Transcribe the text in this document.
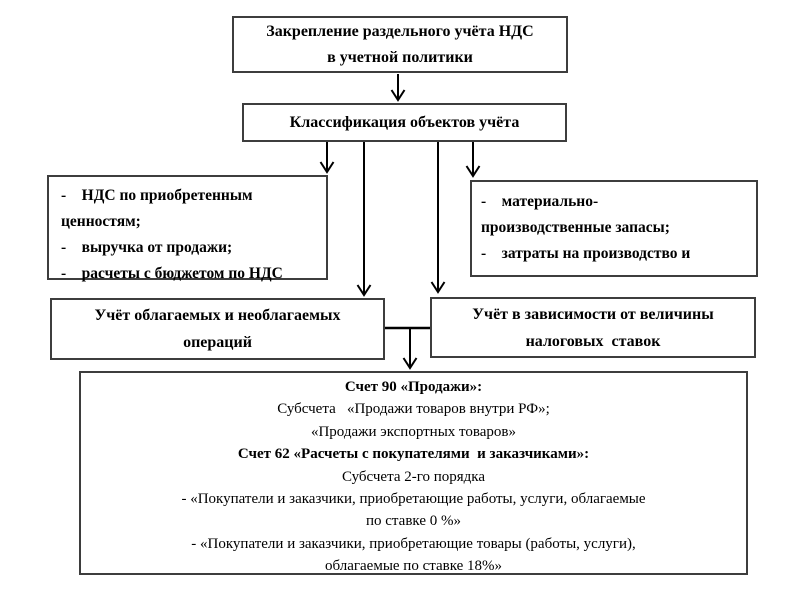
Закрепление раздельного учёта НДС
в учетной политики
Классификация объектов учёта
-    НДС по приобретенным
ценностям;
-    выручка от продажи;
-    расчеты с бюджетом по НДС
-    материально-
производственные запасы;
-    затраты на производство и
Учёт облагаемых и необлагаемых
операций
Учёт в зависимости от величины
налоговых  ставок
Счет 90 «Продажи»:
Субсчета   «Продажи товаров внутри РФ»;
«Продажи экспортных товаров»
Счет 62 «Расчеты с покупателями  и заказчиками»:
Субсчета 2-го порядка
- «Покупатели и заказчики, приобретающие работы, услуги, облагаемые
по ставке 0 %»
- «Покупатели и заказчики, приобретающие товары (работы, услуги),
облагаемые по ставке 18%»
